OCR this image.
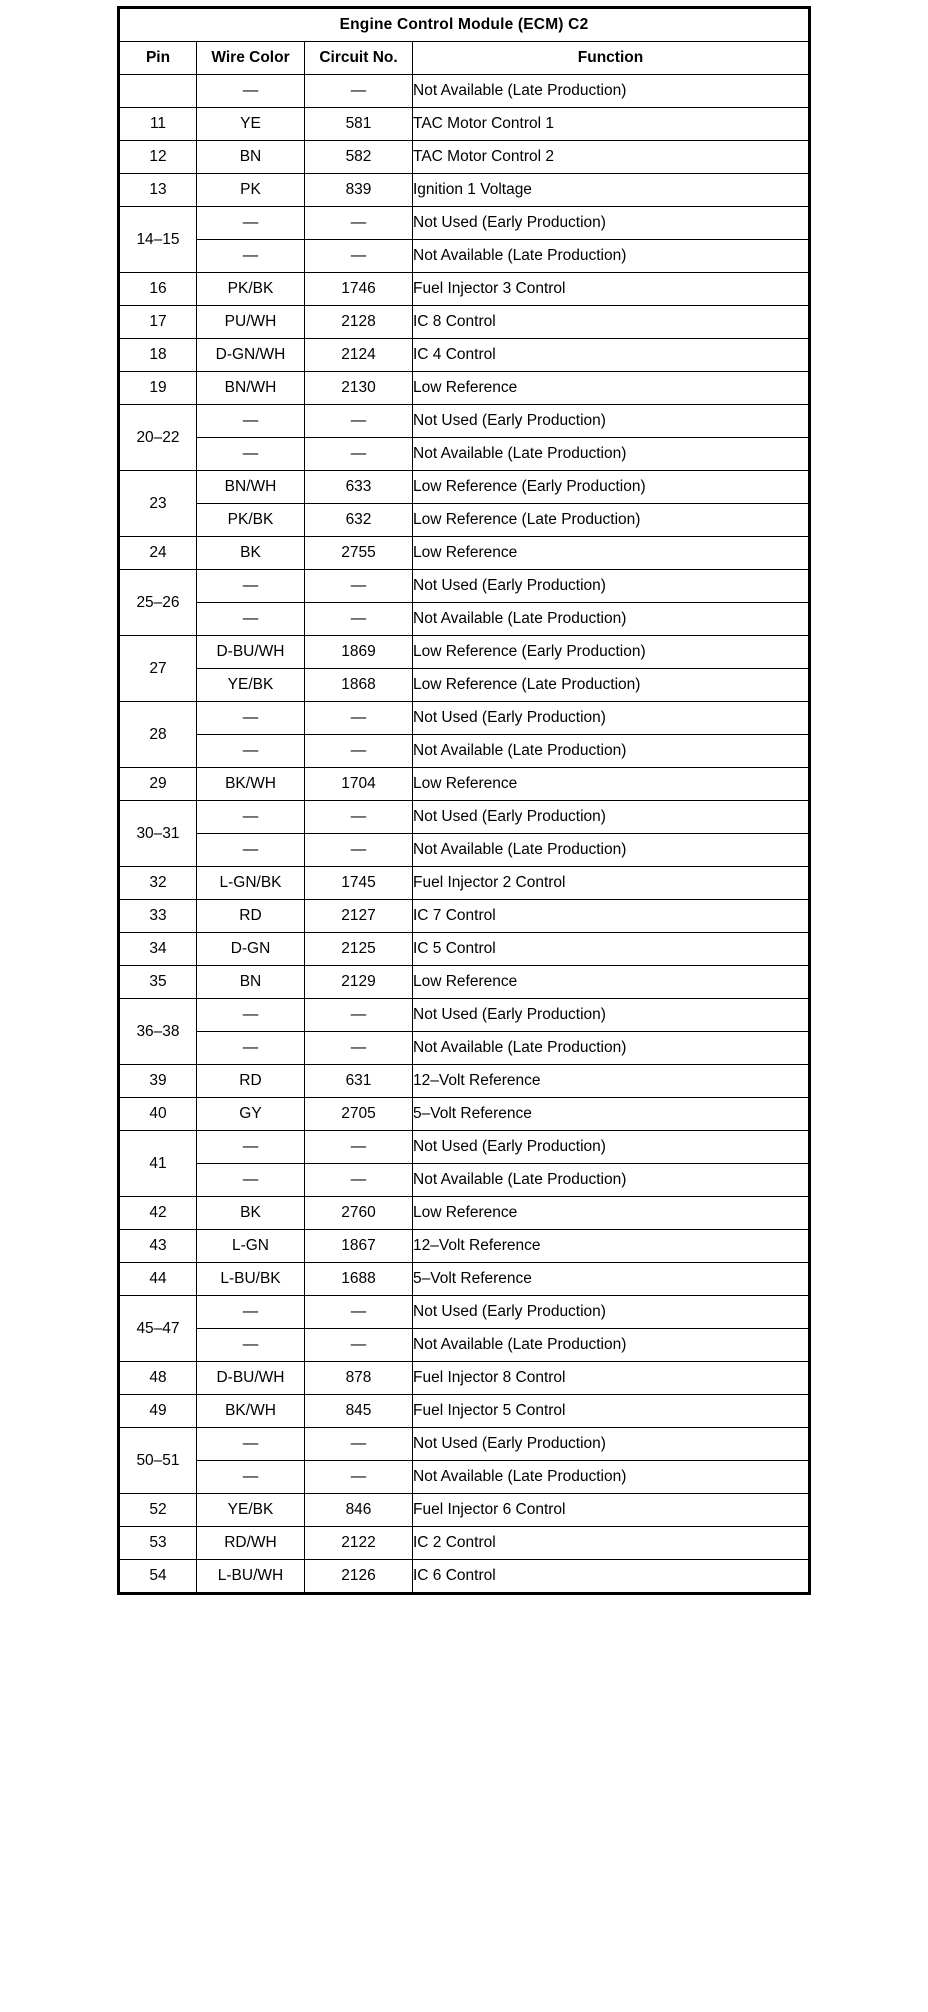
Engine Control Module (ECM) C2			
Pin	Wire Color	Circuit No.	Function
	—	—	Not Available (Late Production)
11	YE	581	TAC Motor Control 1
12	BN	582	TAC Motor Control 2
13	PK	839	Ignition 1 Voltage
14–15	—	—	Not Used (Early Production)
	—	—	Not Available (Late Production)
16	PK/BK	1746	Fuel Injector 3 Control
17	PU/WH	2128	IC 8 Control
18	D-GN/WH	2124	IC 4 Control
19	BN/WH	2130	Low Reference
20–22	—	—	Not Used (Early Production)
	—	—	Not Available (Late Production)
23	BN/WH	633	Low Reference (Early Production)
	PK/BK	632	Low Reference (Late Production)
24	BK	2755	Low Reference
25–26	—	—	Not Used (Early Production)
	—	—	Not Available (Late Production)
27	D-BU/WH	1869	Low Reference (Early Production)
	YE/BK	1868	Low Reference (Late Production)
28	—	—	Not Used (Early Production)
	—	—	Not Available (Late Production)
29	BK/WH	1704	Low Reference
30–31	—	—	Not Used (Early Production)
	—	—	Not Available (Late Production)
32	L-GN/BK	1745	Fuel Injector 2 Control
33	RD	2127	IC 7 Control
34	D-GN	2125	IC 5 Control
35	BN	2129	Low Reference
36–38	—	—	Not Used (Early Production)
	—	—	Not Available (Late Production)
39	RD	631	12–Volt Reference
40	GY	2705	5–Volt Reference
41	—	—	Not Used (Early Production)
	—	—	Not Available (Late Production)
42	BK	2760	Low Reference
43	L-GN	1867	12–Volt Reference
44	L-BU/BK	1688	5–Volt Reference
45–47	—	—	Not Used (Early Production)
	—	—	Not Available (Late Production)
48	D-BU/WH	878	Fuel Injector 8 Control
49	BK/WH	845	Fuel Injector 5 Control
50–51	—	—	Not Used (Early Production)
	—	—	Not Available (Late Production)
52	YE/BK	846	Fuel Injector 6 Control
53	RD/WH	2122	IC 2 Control
54	L-BU/WH	2126	IC 6 Control
